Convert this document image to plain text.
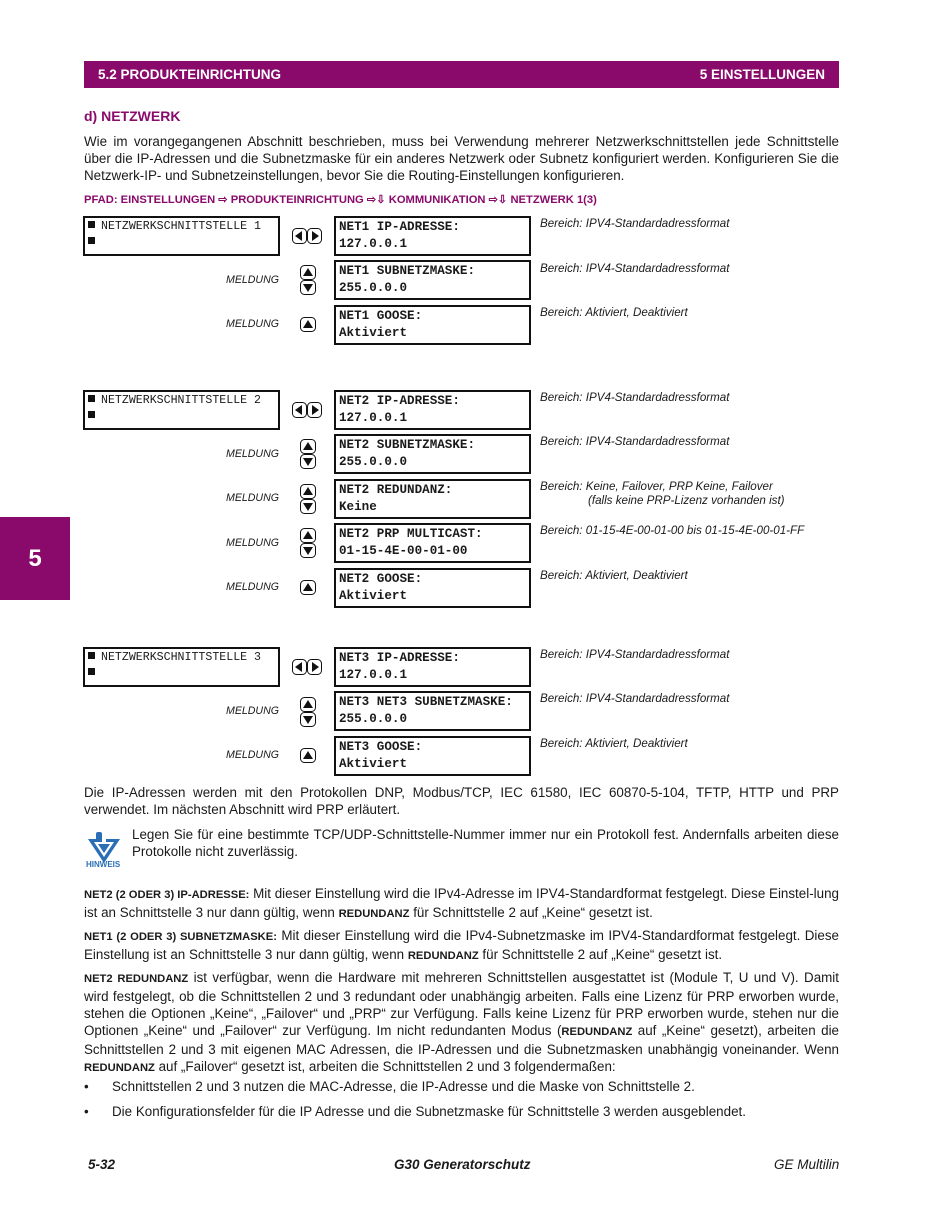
5.2 PRODUKTEINRICHTUNG	5 EINSTELLUNGEN
d) NETZWERK
Wie im vorangegangenen Abschnitt beschrieben, muss bei Verwendung mehrerer Netzwerkschnittstellen jede Schnittstelle über die IP-Adressen und die Subnetzmaske für ein anderes Netzwerk oder Subnetz konfiguriert werden. Konfigurieren Sie die Netzwerk-IP- und Subnetzeinstellungen, bevor Sie die Routing-Einstellungen konfigurieren.
PFAD: EINSTELLUNGEN ⇨ PRODUKTEINRICHTUNG ⇨⇩ KOMMUNIKATION ⇨⇩ NETZWERK 1(3)
NETZWERKSCHNITTSTELLE 1	NET1 IP-ADRESSE:
127.0.0.1
Bereich: IPV4-Standardadressformat
MELDUNG
NET1 SUBNETZMASKE:
255.0.0.0
Bereich: IPV4-Standardadressformat
MELDUNG
NET1 GOOSE:
Aktiviert
Bereich: Aktiviert, Deaktiviert
NETZWERKSCHNITTSTELLE 2	NET2 IP-ADRESSE:
127.0.0.1
Bereich: IPV4-Standardadressformat
MELDUNG
NET2 SUBNETZMASKE:
255.0.0.0
Bereich: IPV4-Standardadressformat
MELDUNG
NET2 REDUNDANZ:
Keine
Bereich: Keine, Failover, PRP Keine, Failover
(falls keine PRP-Lizenz vorhanden ist)
MELDUNG
NET2 PRP MULTICAST:
01-15-4E-00-01-00
Bereich: 01-15-4E-00-01-00 bis 01-15-4E-00-01-FF
MELDUNG
NET2 GOOSE:
Aktiviert
Bereich: Aktiviert, Deaktiviert
5
NETZWERKSCHNITTSTELLE 3	NET3 IP-ADRESSE:
127.0.0.1
Bereich: IPV4-Standardadressformat
MELDUNG
NET3 NET3 SUBNETZMASKE:
255.0.0.0
Bereich: IPV4-Standardadressformat
MELDUNG
NET3 GOOSE:
Aktiviert
Bereich: Aktiviert, Deaktiviert
Die IP-Adressen werden mit den Protokollen DNP, Modbus/TCP, IEC 61580, IEC 60870-5-104, TFTP, HTTP und PRP verwendet. Im nächsten Abschnitt wird PRP erläutert.
HINWEIS
Legen Sie für eine bestimmte TCP/UDP-Schnittstelle-Nummer immer nur ein Protokoll fest. Andernfalls arbeiten diese Protokolle nicht zuverlässig.
NET2 (2 ODER 3) IP-ADRESSE: Mit dieser Einstellung wird die IPv4-Adresse im IPV4-Standardformat festgelegt. Diese Einstel-lung ist an Schnittstelle 3 nur dann gültig, wenn REDUNDANZ für Schnittstelle 2 auf „Keine“ gesetzt ist.
NET1 (2 ODER 3) SUBNETZMASKE: Mit dieser Einstellung wird die IPv4-Subnetzmaske im IPV4-Standardformat festgelegt. Diese Einstellung ist an Schnittstelle 3 nur dann gültig, wenn REDUNDANZ für Schnittstelle 2 auf „Keine“ gesetzt ist.
NET2 REDUNDANZ ist verfügbar, wenn die Hardware mit mehreren Schnittstellen ausgestattet ist (Module T, U und V). Damit wird festgelegt, ob die Schnittstellen 2 und 3 redundant oder unabhängig arbeiten. Falls eine Lizenz für PRP erworben wurde, stehen die Optionen „Keine“, „Failover“ und „PRP“ zur Verfügung. Falls keine Lizenz für PRP erworben wurde, stehen nur die Optionen „Keine“ und „Failover“ zur Verfügung. Im nicht redundanten Modus (REDUNDANZ auf „Keine“ gesetzt), arbeiten die Schnittstellen 2 und 3 mit eigenen MAC Adressen, die IP-Adressen und die Subnetzmasken unabhängig voneinander. Wenn REDUNDANZ auf „Failover“ gesetzt ist, arbeiten die Schnittstellen 2 und 3 folgendermaßen:
• Schnittstellen 2 und 3 nutzen die MAC-Adresse, die IP-Adresse und die Maske von Schnittstelle 2.
• Die Konfigurationsfelder für die IP Adresse und die Subnetzmaske für Schnittstelle 3 werden ausgeblendet.
5-32	G30 Generatorschutz	GE Multilin
